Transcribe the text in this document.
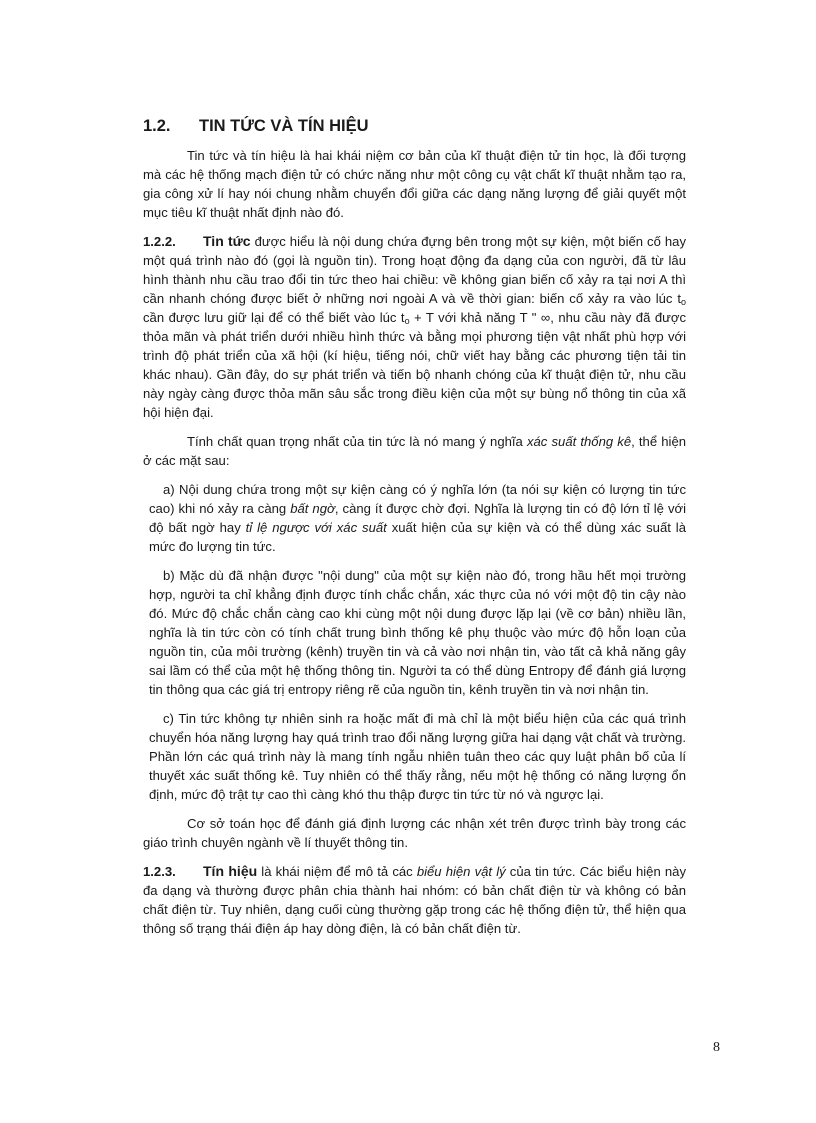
1.2. TIN TỨC VÀ TÍN HIỆU

Tin tức và tín hiệu là hai khái niệm cơ bản của kĩ thuật điện tử tin học, là đối tượng mà các hệ thống mạch điện tử có chức năng như một công cụ vật chất kĩ thuật nhằm tạo ra, gia công xử lí hay nói chung nhằm chuyển đổi giữa các dạng năng lượng để giải quyết một mục tiêu kĩ thuật nhất định nào đó.

1.2.2. Tin tức được hiểu là nội dung chứa đựng bên trong một sự kiện, một biến cố hay một quá trình nào đó (gọi là nguồn tin). Trong hoạt động đa dạng của con người, đã từ lâu hình thành nhu cầu trao đổi tin tức theo hai chiều: về không gian biến cố xảy ra tại nơi A thì cần nhanh chóng được biết ở những nơi ngoài A và về thời gian: biến cố xảy ra vào lúc $t_o$ cần được lưu giữ lại để có thể biết vào lúc $t_o + T$ với khả năng T " ∞, nhu cầu này đã được thỏa mãn và phát triển dưới nhiều hình thức và bằng mọi phương tiện vật nhất phù hợp với trình độ phát triển của xã hội (kí hiệu, tiếng nói, chữ viết hay bằng các phương tiện tải tin khác nhau). Gần đây, do sự phát triển và tiến bộ nhanh chóng của kĩ thuật điện tử, nhu cầu này ngày càng được thỏa mãn sâu sắc trong điều kiện của một sự bùng nổ thông tin của xã hội hiện đại.

Tính chất quan trọng nhất của tin tức là nó mang ý nghĩa xác suất thống kê, thể hiện ở các mặt sau:

a) Nội dung chứa trong một sự kiện càng có ý nghĩa lớn (ta nói sự kiện có lượng tin tức cao) khi nó xảy ra càng bất ngờ, càng ít được chờ đợi. Nghĩa là lượng tin có độ lớn tỉ lệ với độ bất ngờ hay tỉ lệ ngược với xác suất xuất hiện của sự kiện và có thể dùng xác suất là mức đo lượng tin tức.

b) Mặc dù đã nhận được "nội dung" của một sự kiện nào đó, trong hầu hết mọi trường hợp, người ta chỉ khẳng định được tính chắc chắn, xác thực của nó với một độ tin cậy nào đó. Mức độ chắc chắn càng cao khi cùng một nội dung được lặp lại (về cơ bản) nhiều lần, nghĩa là tin tức còn có tính chất trung bình thống kê phụ thuộc vào mức độ hỗn loạn của nguồn tin, của môi trường (kênh) truyền tin và cả vào nơi nhận tin, vào tất cả khả năng gây sai lầm có thể của một hệ thống thông tin. Người ta có thể dùng Entropy để đánh giá lượng tin thông qua các giá trị entropy riêng rẽ của nguồn tin, kênh truyền tin và nơi nhận tin.

c) Tin tức không tự nhiên sinh ra hoặc mất đi mà chỉ là một biểu hiện của các quá trình chuyển hóa năng lượng hay quá trình trao đổi năng lượng giữa hai dạng vật chất và trường. Phần lớn các quá trình này là mang tính ngẫu nhiên tuân theo các quy luật phân bố của lí thuyết xác suất thống kê. Tuy nhiên có thể thấy rằng, nếu một hệ thống có năng lượng ổn định, mức độ trật tự cao thì càng khó thu thập được tin tức từ nó và ngược lại.

Cơ sở toán học để đánh giá định lượng các nhận xét trên được trình bày trong các giáo trình chuyên ngành về lí thuyết thông tin.

1.2.3. Tín hiệu là khái niệm để mô tả các biểu hiện vật lý của tin tức. Các biểu hiện này đa dạng và thường được phân chia thành hai nhóm: có bản chất điện từ và không có bản chất điện từ. Tuy nhiên, dạng cuối cùng thường gặp trong các hệ thống điện tử, thể hiện qua thông số trạng thái điện áp hay dòng điện, là có bản chất điện từ.

8
